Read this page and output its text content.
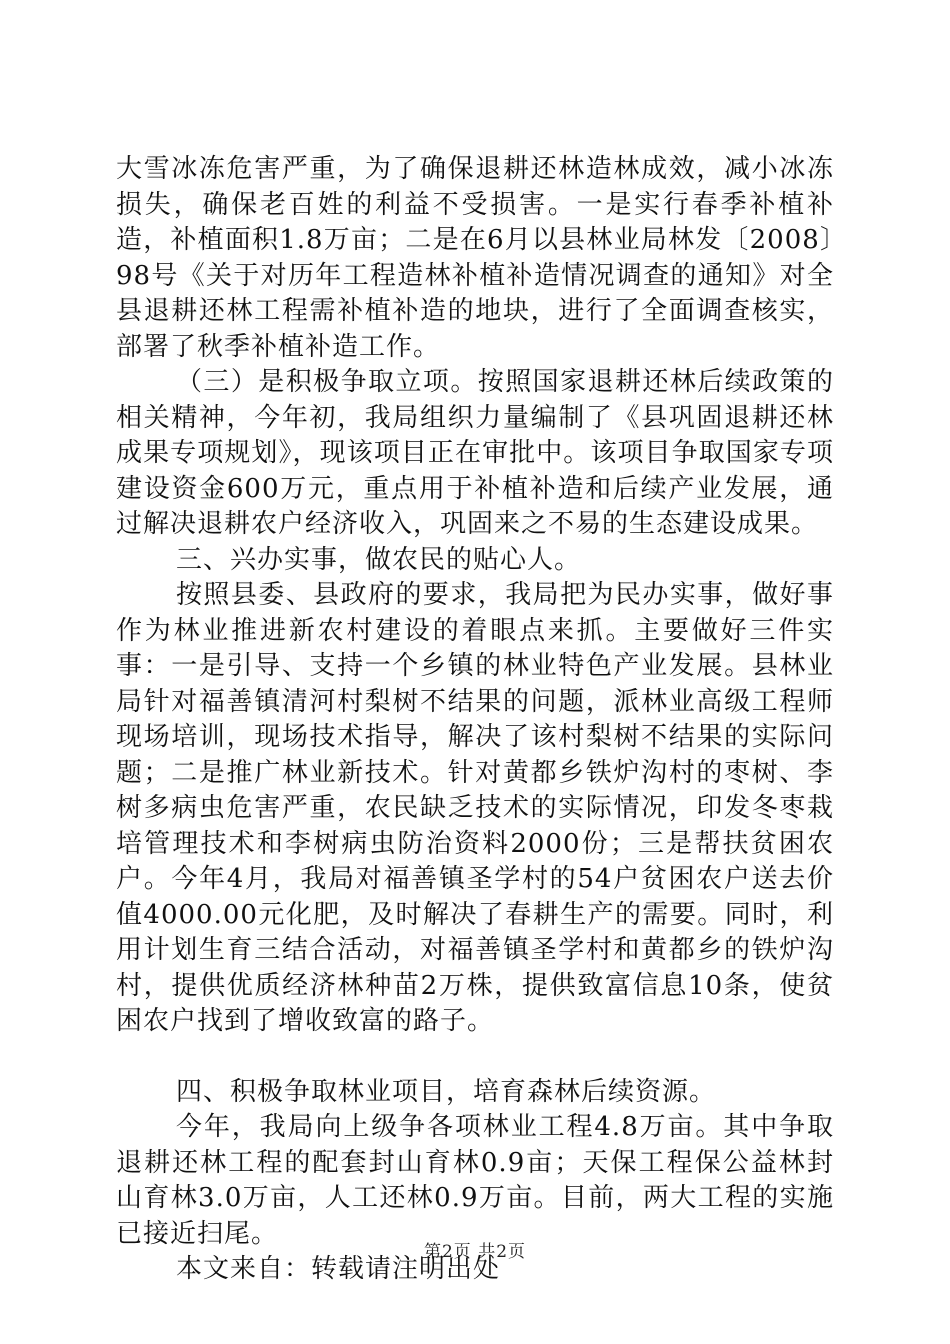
大雪冰冻危害严重，为了确保退耕还林造林成效，减小冰冻损失，确保老百姓的利益不受损害。一是实行春季补植补造，补植面积1.8万亩；二是在6月以县林业局林发〔2008〕98号《关于对历年工程造林补植补造情况调查的通知》对全县退耕还林工程需补植补造的地块，进行了全面调查核实，部署了秋季补植补造工作。

（三）是积极争取立项。按照国家退耕还林后续政策的相关精神，今年初，我局组织力量编制了《县巩固退耕还林成果专项规划》，现该项目正在审批中。该项目争取国家专项建设资金600万元，重点用于补植补造和后续产业发展，通过解决退耕农户经济收入，巩固来之不易的生态建设成果。

三、兴办实事，做农民的贴心人。

按照县委、县政府的要求，我局把为民办实事，做好事作为林业推进新农村建设的着眼点来抓。主要做好三件实事：一是引导、支持一个乡镇的林业特色产业发展。县林业局针对福善镇清河村梨树不结果的问题，派林业高级工程师现场培训，现场技术指导，解决了该村梨树不结果的实际问题；二是推广林业新技术。针对黄都乡铁炉沟村的枣树、李树多病虫危害严重，农民缺乏技术的实际情况，印发冬枣栽培管理技术和李树病虫防治资料2000份；三是帮扶贫困农户。今年4月，我局对福善镇圣学村的54户贫困农户送去价值4000.00元化肥，及时解决了春耕生产的需要。同时，利用计划生育三结合活动，对福善镇圣学村和黄都乡的铁炉沟村，提供优质经济林种苗2万株，提供致富信息10条，使贫困农户找到了增收致富的路子。

四、积极争取林业项目，培育森林后续资源。

今年，我局向上级争各项林业工程4.8万亩。其中争取退耕还林工程的配套封山育林0.9亩；天保工程保公益林封山育林3.0万亩，人工还林0.9万亩。目前，两大工程的实施已接近扫尾。

本文来自：转载请注明出处

第2页 共2页
